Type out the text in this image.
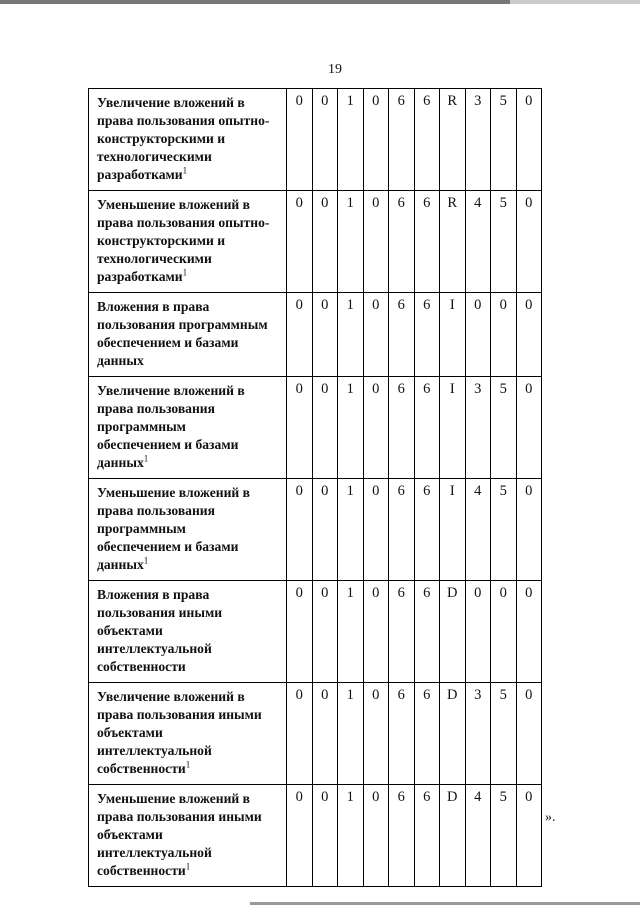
19
Увеличение вложений в
права пользования опытно-
конструкторскими и
технологическими
разработками$^1$	0	0	1	0	6	6	R	3	5	0
Уменьшение вложений в
права пользования опытно-
конструкторскими и
технологическими
разработками$^1$	0	0	1	0	6	6	R	4	5	0
Вложения в права
пользования программным
обеспечением и базами
данных	0	0	1	0	6	6	I	0	0	0
Увеличение вложений в
права пользования
программным
обеспечением и базами
данных$^1$	0	0	1	0	6	6	I	3	5	0
Уменьшение вложений в
права пользования
программным
обеспечением и базами
данных$^1$	0	0	1	0	6	6	I	4	5	0
Вложения в права
пользования иными
объектами
интеллектуальной
собственности	0	0	1	0	6	6	D	0	0	0
Увеличение вложений в
права пользования иными
объектами
интеллектуальной
собственности$^1$	0	0	1	0	6	6	D	3	5	0
Уменьшение вложений в
права пользования иными
объектами
интеллектуальной
собственности$^1$	0	0	1	0	6	6	D	4	5	0
».
